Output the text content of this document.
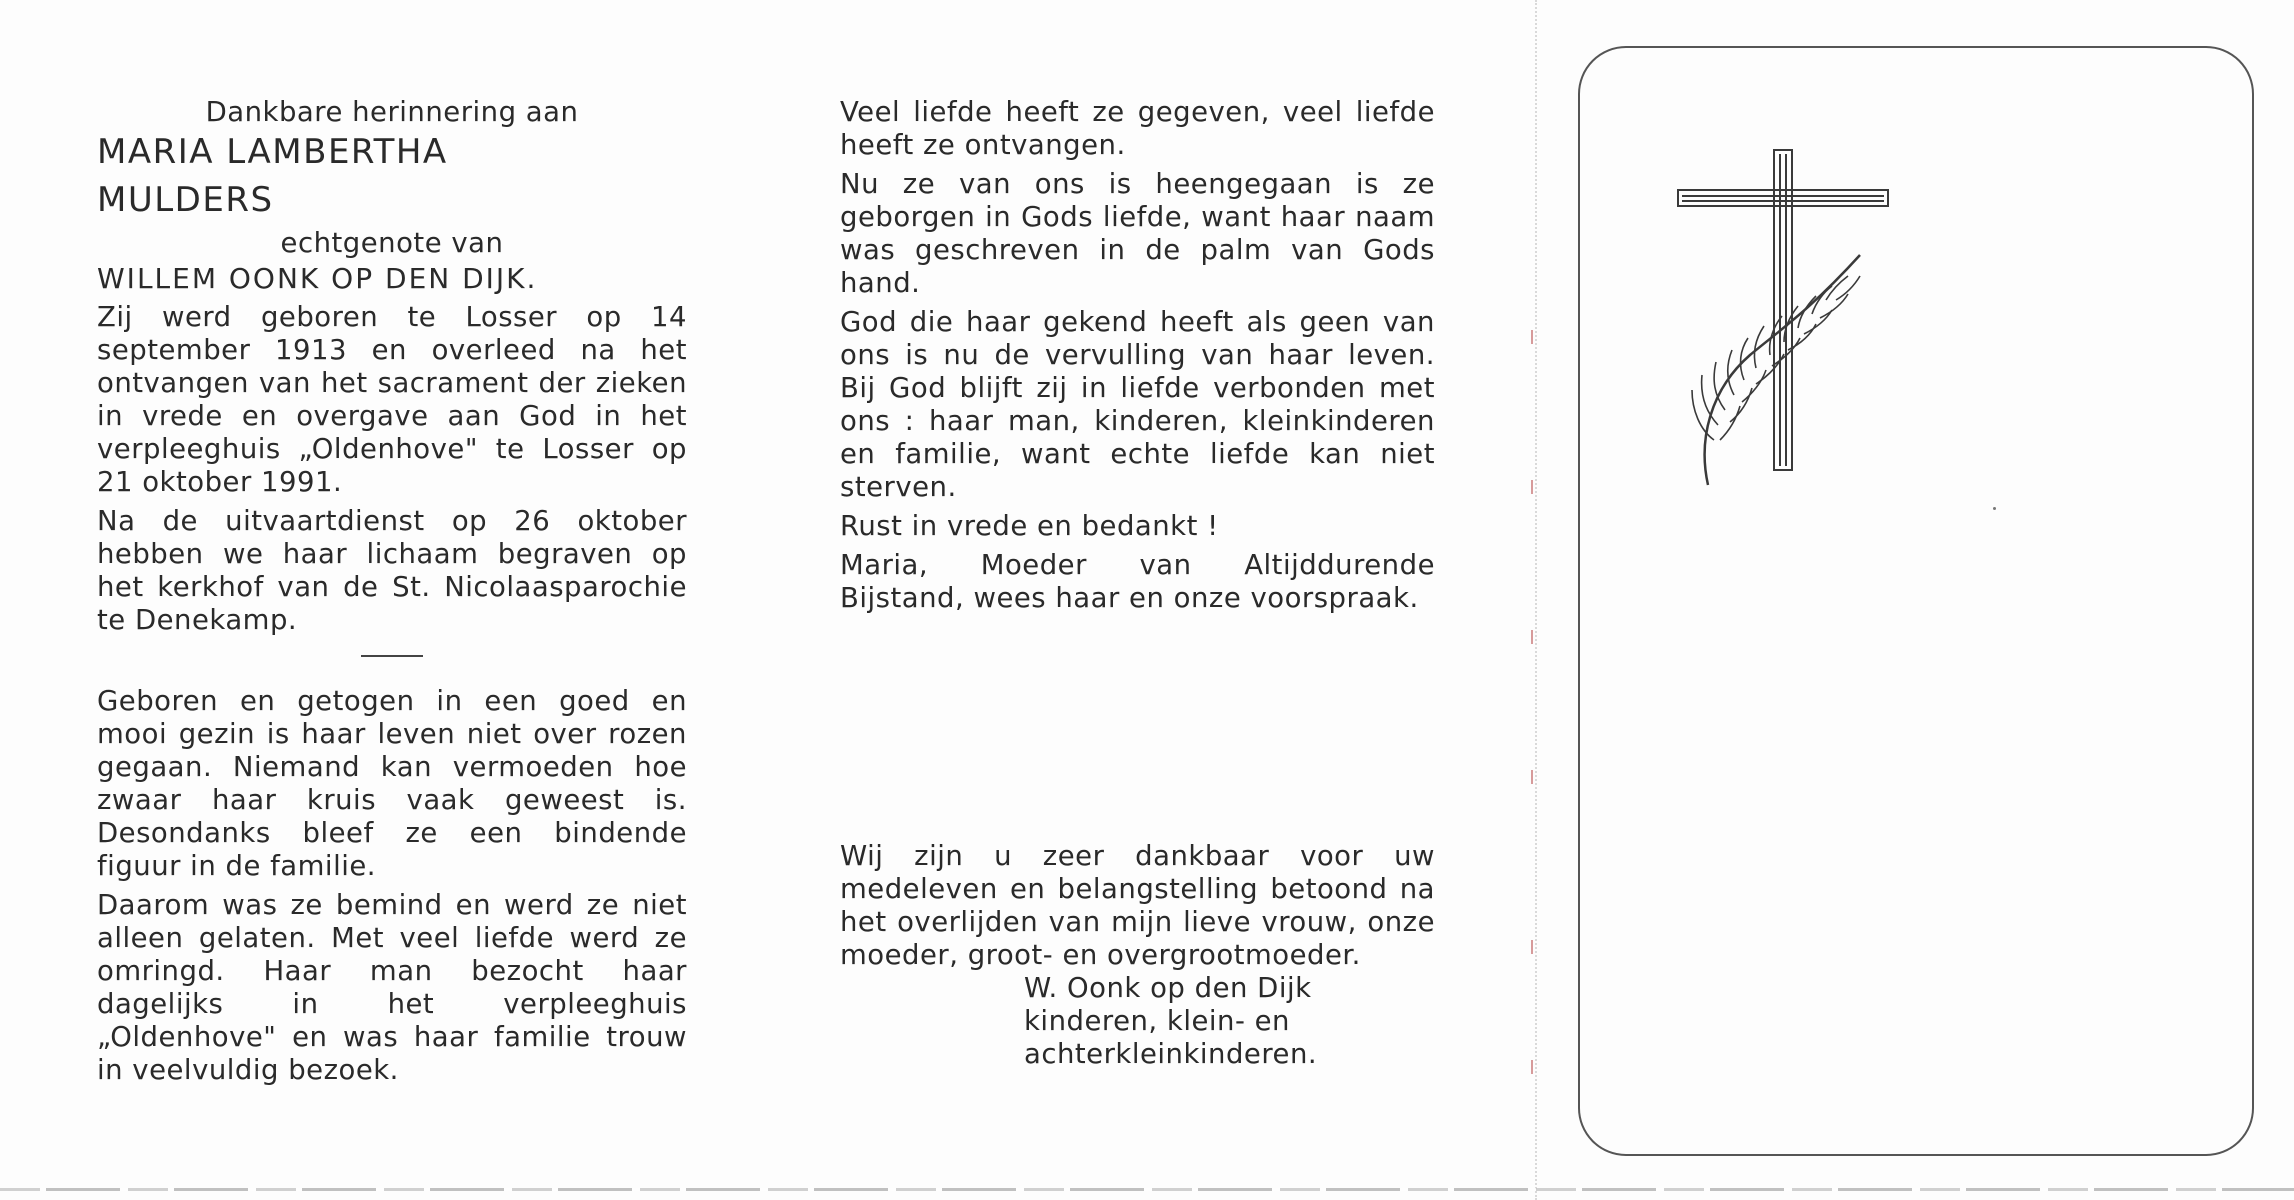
Dankbare herinnering aan

MARIA LAMBERTHA

MULDERS

echtgenote van

WILLEM OONK OP DEN DIJK.

Zij werd geboren te Losser op 14 september 1913 en overleed na het ontvangen van het sacrament der zieken in vrede en overgave aan God in het verpleeghuis „Oldenhove" te Losser op 21 oktober 1991.

Na de uitvaartdienst op 26 oktober hebben we haar lichaam begraven op het kerkhof van de St. Nicolaasparochie te Denekamp.

Geboren en getogen in een goed en mooi gezin is haar leven niet over rozen gegaan. Niemand kan vermoeden hoe zwaar haar kruis vaak geweest is. Desondanks bleef ze een bindende figuur in de familie.

Daarom was ze bemind en werd ze niet alleen gelaten. Met veel liefde werd ze omringd. Haar man bezocht haar dagelijks in het verpleeghuis „Oldenhove" en was haar familie trouw in veelvuldig bezoek.

Veel liefde heeft ze gegeven, veel liefde heeft ze ontvangen.

Nu ze van ons is heengegaan is ze geborgen in Gods liefde, want haar naam was geschreven in de palm van Gods hand.

God die haar gekend heeft als geen van ons is nu de vervulling van haar leven. Bij God blijft zij in liefde verbonden met ons : haar man, kinderen, kleinkinderen en familie, want echte liefde kan niet sterven.

Rust in vrede en bedankt !

Maria, Moeder van Altijddurende Bijstand, wees haar en onze voorspraak.

Wij zijn u zeer dankbaar voor uw medeleven en belangstelling betoond na het overlijden van mijn lieve vrouw, onze moeder, groot- en overgrootmoeder.

W. Oonk op den Dijk

kinderen, klein- en

achterkleinkinderen.
